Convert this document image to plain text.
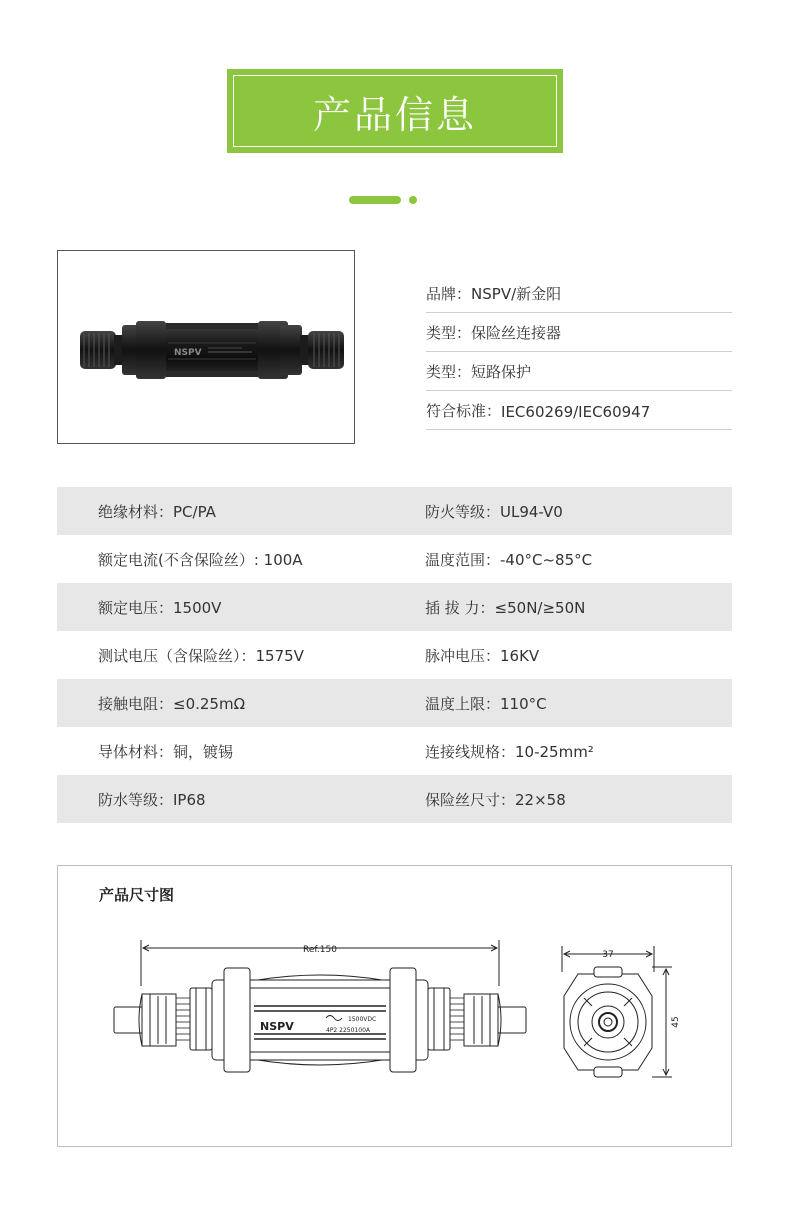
产品信息
NSPV
品牌 ： NSPV/新金阳
类型 ： 保险丝连接器
类型 ： 短路保护
符合标准 ： IEC60269/IEC60947
绝缘材料：PC/PA	防火等级：UL94-V0
额定电流(不含保险丝）: 100A	温度范围：-40°C~85°C
额定电压：1500V	插 拔 力：≤50N/≥50N
测试电压（含保险丝）：1575V	脉冲电压：16KV
接触电阻：≤0.25mΩ	温度上限：110°C
导体材料：铜，镀锡	连接线规格：10-25mm²
防水等级：IP68	保险丝尺寸：22×58
产品尺寸图
Ref.150
NSPV
1500VDC
4P2 2250100A
37
45
